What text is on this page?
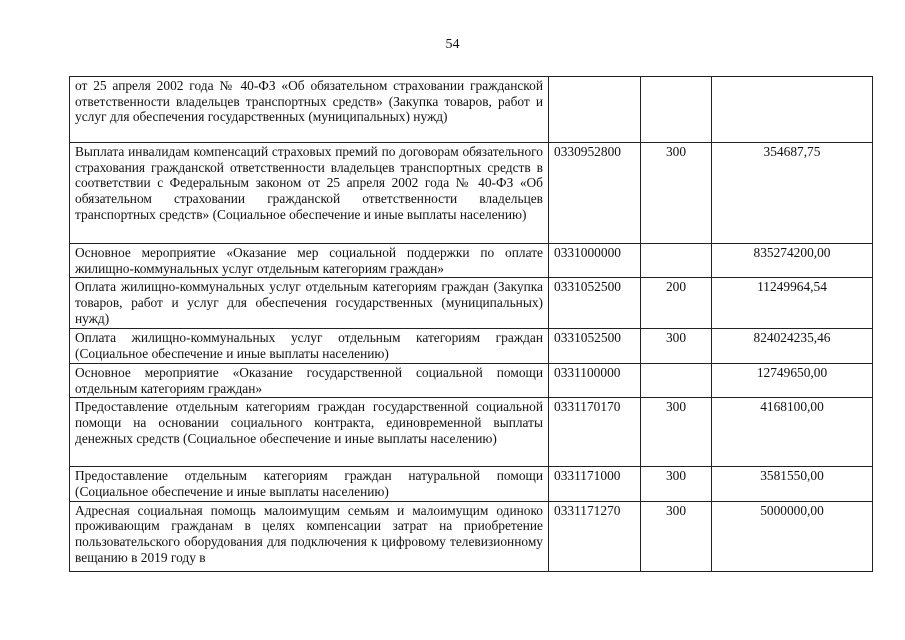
54
от 25 апреля 2002 года № 40-ФЗ «Об обязательном страховании гражданской ответственности владельцев транспортных средств» (Закупка товаров, работ и услуг для обеспечения государственных (муниципальных) нужд)			
Выплата инвалидам компенсаций страховых премий по договорам обязательного страхования гражданской ответственности владельцев транспортных средств в соответствии с Федеральным законом от 25 апреля 2002 года № 40-ФЗ «Об обязательном страховании гражданской ответственности владельцев транспортных средств» (Социальное обеспечение и иные выплаты населению)	0330952800	300	354687,75
Основное мероприятие «Оказание мер социальной поддержки по оплате жилищно-коммунальных услуг отдельным категориям граждан»	0331000000		835274200,00
Оплата жилищно-коммунальных услуг отдельным категориям граждан (Закупка товаров, работ и услуг для обеспечения государственных (муниципальных) нужд)	0331052500	200	11249964,54
Оплата жилищно-коммунальных услуг отдельным категориям граждан (Социальное обеспечение и иные выплаты населению)	0331052500	300	824024235,46
Основное мероприятие «Оказание государственной социальной помощи отдельным категориям граждан»	0331100000		12749650,00
Предоставление отдельным категориям граждан государственной социальной помощи на основании социального контракта, единовременной выплаты денежных средств (Социальное обеспечение и иные выплаты населению)	0331170170	300	4168100,00
Предоставление отдельным категориям граждан натуральной помощи (Социальное обеспечение и иные выплаты населению)	0331171000	300	3581550,00
Адресная социальная помощь малоимущим семьям и малоимущим одиноко проживающим гражданам в целях компенсации затрат на приобретение пользовательского оборудования для подключения к цифровому телевизионному вещанию в 2019 году в	0331171270	300	5000000,00
